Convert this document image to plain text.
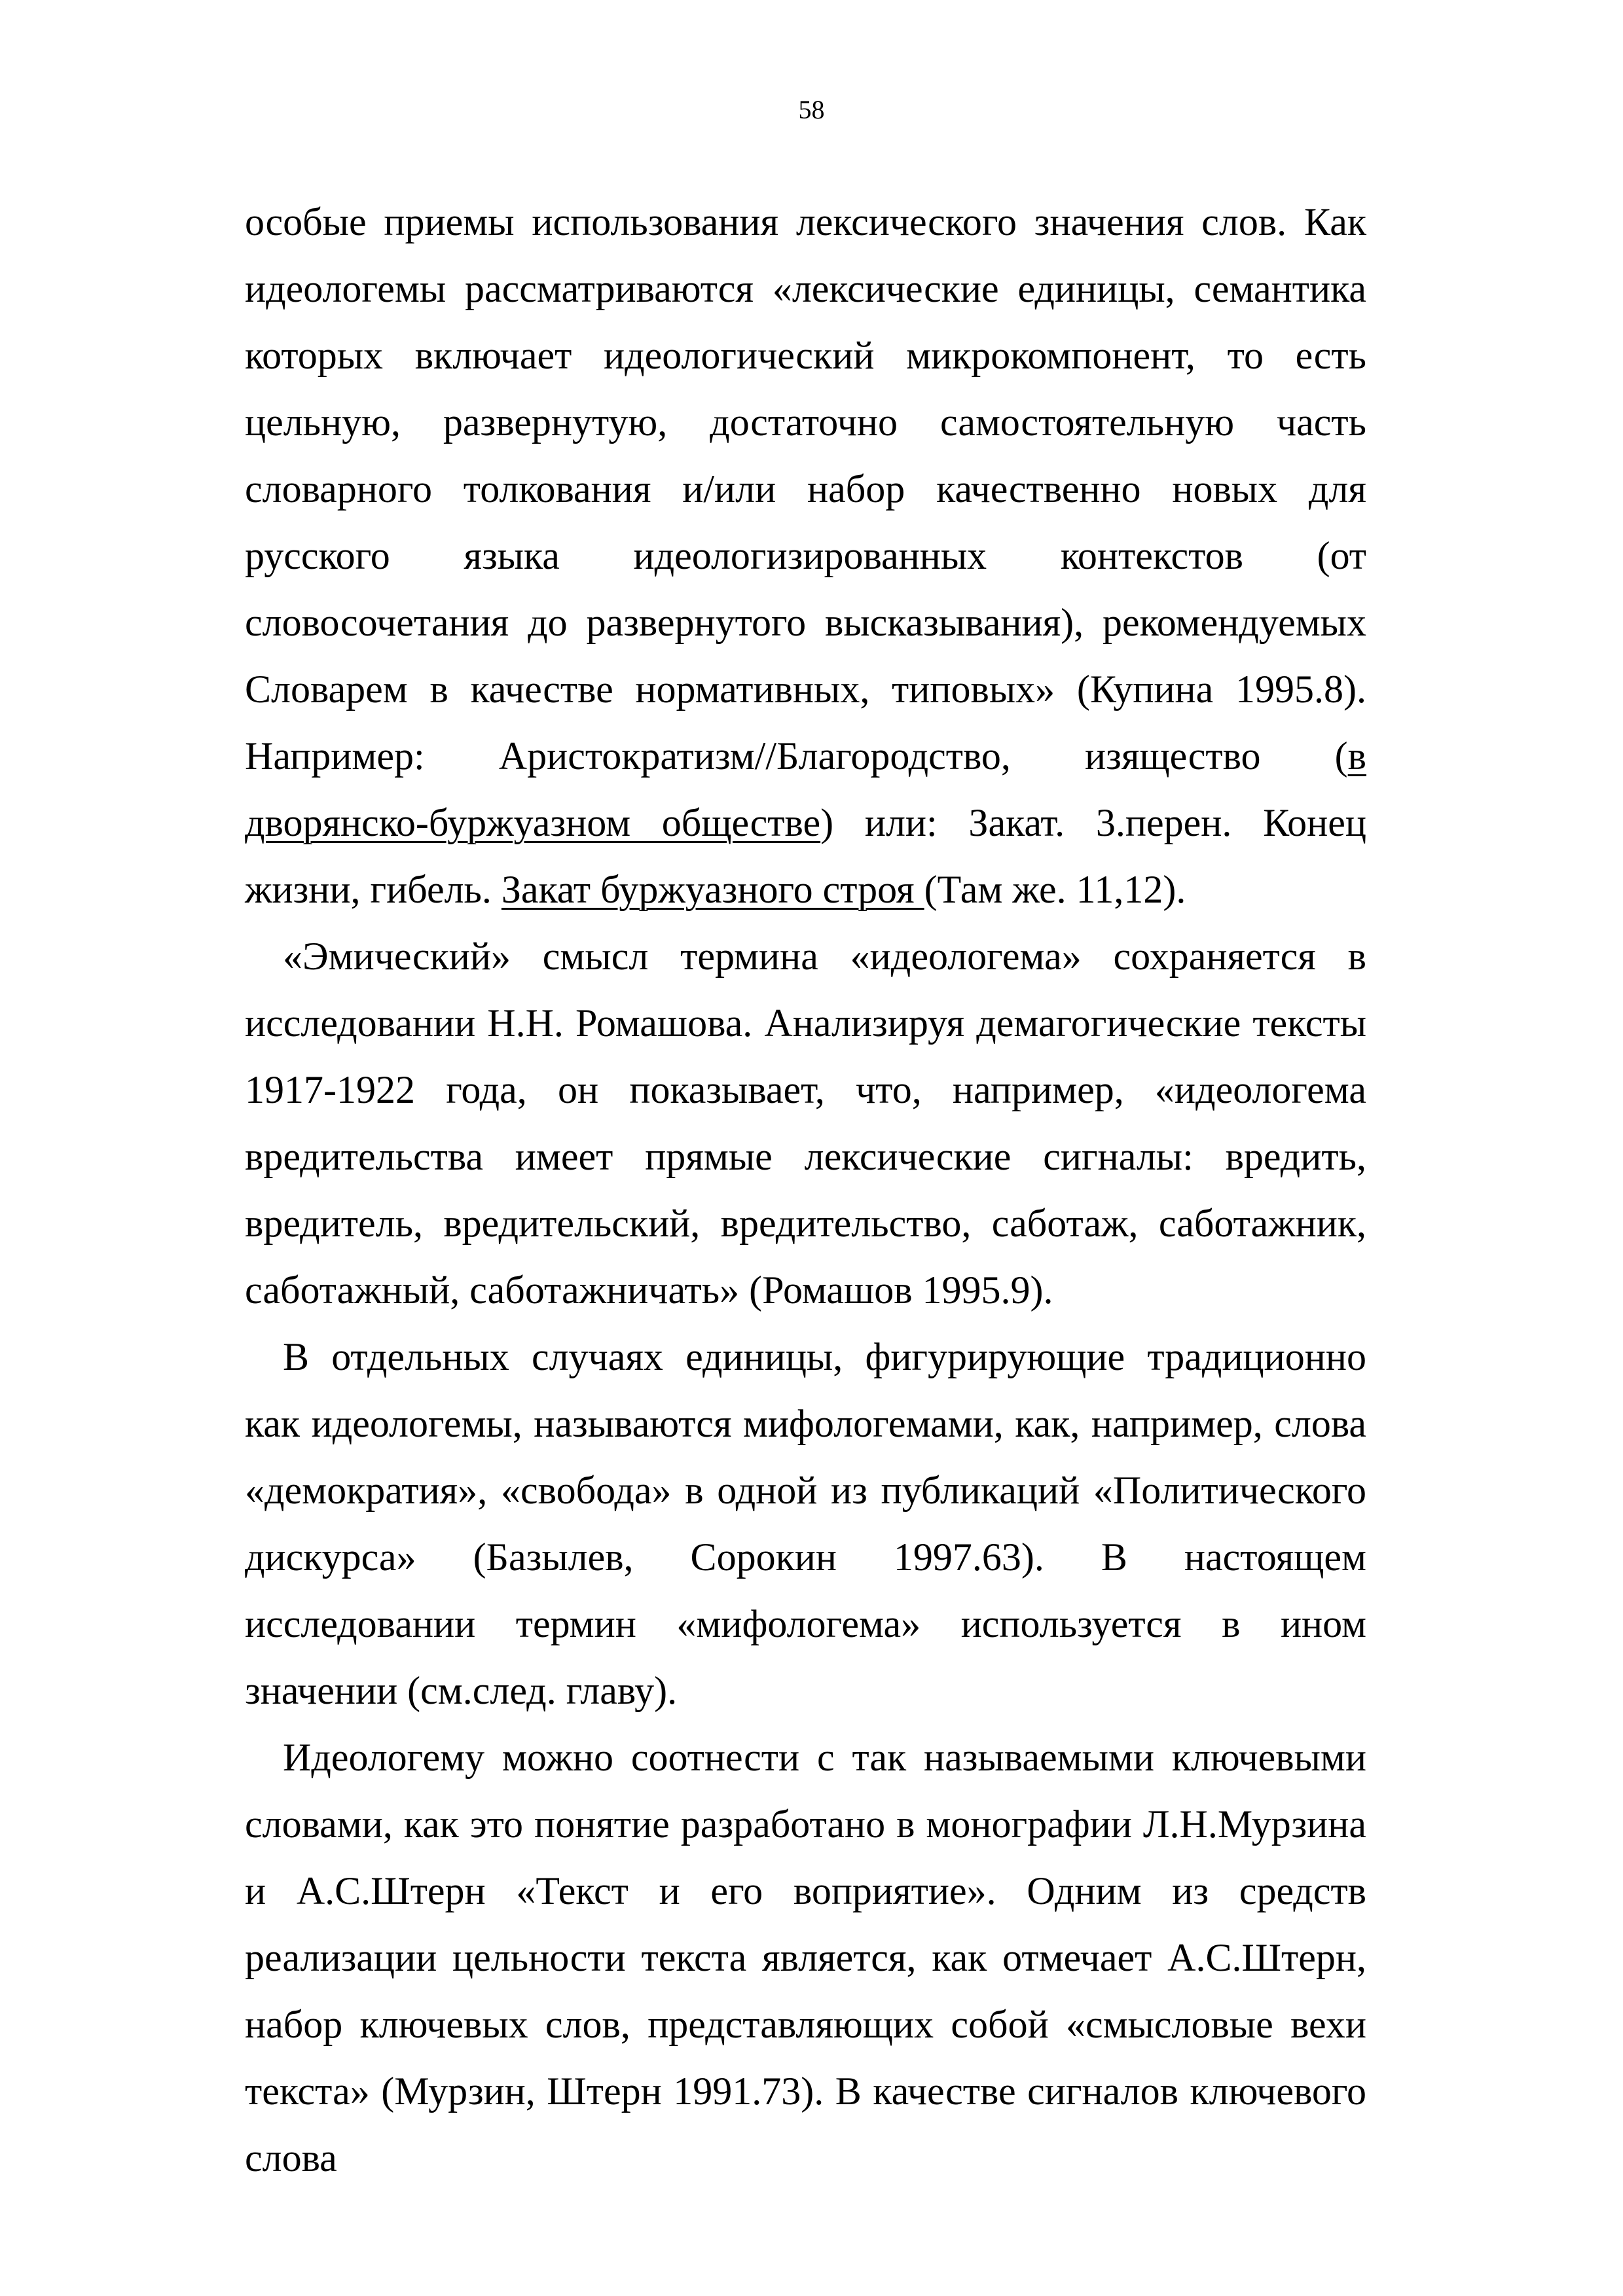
58

особые приемы использования лексического значения слов. Как идеологемы рассматриваются «лексические единицы, семантика которых включает идеологический микрокомпонент, то есть цельную, развернутую, достаточно самостоятельную часть словарного толкования и/или набор качественно новых для русского языка идеологизированных контекстов (от словосочетания до развернутого высказывания), рекомендуемых Словарем в качестве нормативных, типовых» (Купина 1995.8). Например: Аристократизм//Благородство, изящество (в дворянско-буржуазном обществе) или: Закат. 3.перен. Конец жизни, гибель. Закат буржуазного строя (Там же. 11,12).

«Эмический» смысл термина «идеологема» сохраняется в исследовании Н.Н. Ромашова. Анализируя демагогические тексты 1917-1922 года, он показывает, что, например, «идеологема вредительства имеет прямые лексические сигналы: вредить, вредитель, вредительский, вредительство, саботаж, саботажник, саботажный, саботажничать» (Ромашов 1995.9).

В отдельных случаях единицы, фигурирующие традиционно как идеологемы, называются мифологемами, как, например, слова «демократия», «свобода» в одной из публикаций «Политического дискурса» (Базылев, Сорокин 1997.63). В настоящем исследовании термин «мифологема» используется в ином значении (см.след. главу).

Идеологему можно соотнести с так называемыми ключевыми словами, как это понятие разработано в монографии Л.Н.Мурзина и А.С.Штерн «Текст и его воприятие». Одним из средств реализации цельности текста является, как отмечает А.С.Штерн, набор ключевых слов, представляющих собой «смысловые вехи текста» (Мурзин, Штерн 1991.73). В качестве сигналов ключевого слова
